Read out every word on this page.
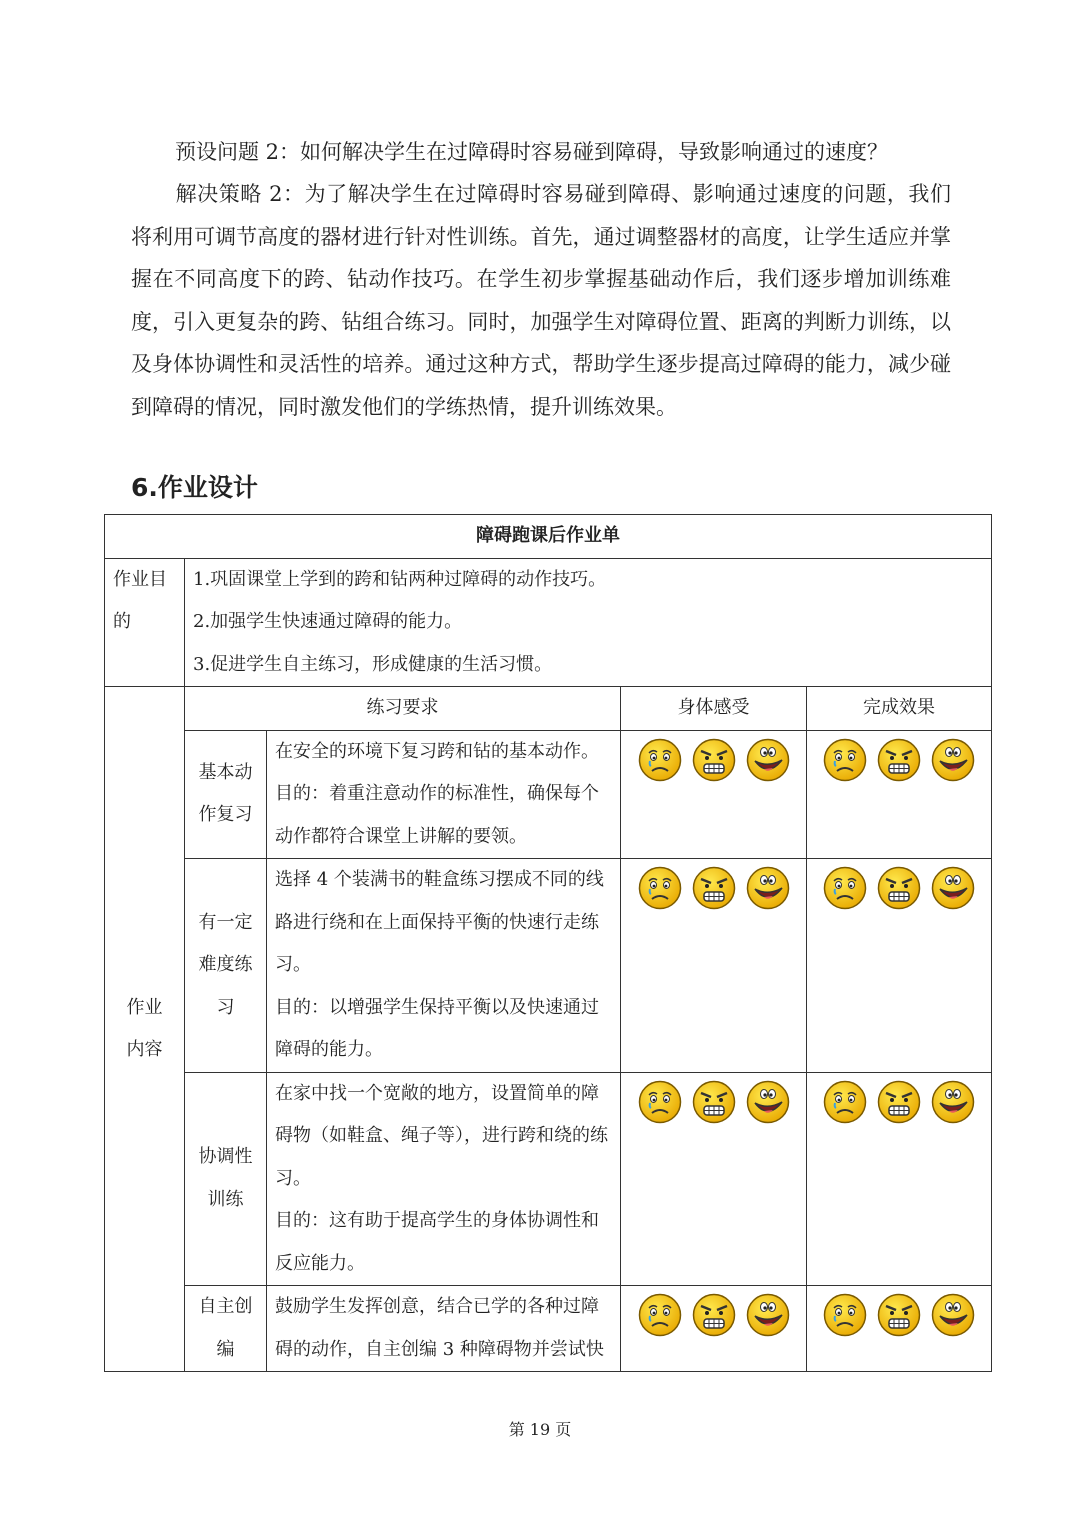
预设问题 2：如何解决学生在过障碍时容易碰到障碍，导致影响通过的速度？

解决策略 2：为了解决学生在过障碍时容易碰到障碍、影响通过速度的问题，我们将利用可调节高度的器材进行针对性训练。首先，通过调整器材的高度，让学生适应并掌握在不同高度下的跨、钻动作技巧。在学生初步掌握基础动作后，我们逐步增加训练难度，引入更复杂的跨、钻组合练习。同时，加强学生对障碍位置、距离的判断力训练，以及身体协调性和灵活性的培养。通过这种方式，帮助学生逐步提高过障碍的能力，减少碰到障碍的情况，同时激发他们的学练热情，提升训练效果。

6.作业设计
障碍跑课后作业单				
作业目的	1.巩固课堂上学到的跨和钻两种过障碍的动作技巧。
2.加强学生快速通过障碍的能力。
3.促进学生自主练习，形成健康的生活习惯。			

作业内容	练习要求		身体感受	完成效果
	基本动作复习	在安全的环境下复习跨和钻的基本动作。
目的：着重注意动作的标准性，确保每个动作都符合课堂上讲解的要领。	

	有一定难度练习	选择 4 个装满书的鞋盒练习摆成不同的线路进行绕和在上面保持平衡的快速行走练习。
目的：以增强学生保持平衡以及快速通过障碍的能力。	

	协调性训练	在家中找一个宽敞的地方，设置简单的障碍物（如鞋盒、绳子等），进行跨和绕的练习。
目的：这有助于提高学生的身体协调性和反应能力。	

	自主创编	鼓励学生发挥创意，结合已学的各种过障碍的动作，自主创编 3 种障碍物并尝试快	

第 19 页
